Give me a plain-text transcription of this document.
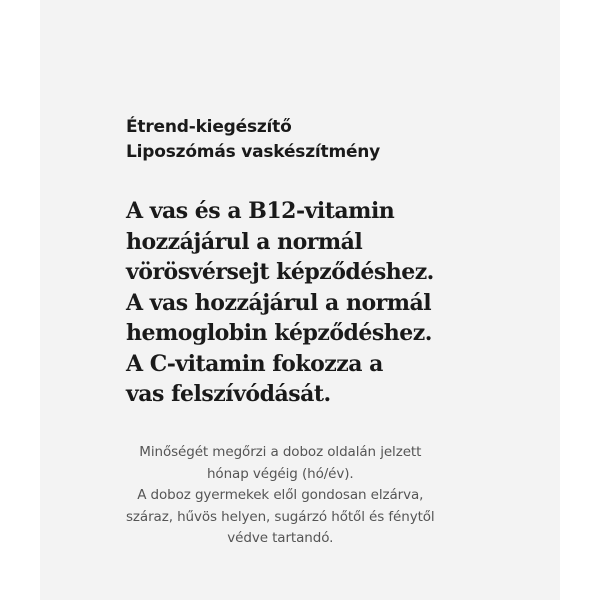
Étrend-kiegészítő
Liposzómás vaskészítmény
A vas és a B12-vitamin
hozzájárul a normál
vörösvérsejt képződéshez.
A vas hozzájárul a normál
hemoglobin képződéshez.
A C-vitamin fokozza a
vas felszívódását.
Minőségét megőrzi a doboz oldalán jelzett
hónap végéig (hó/év).
A doboz gyermekek elől gondosan elzárva,
száraz, hűvös helyen, sugárzó hőtől és fénytől
védve tartandó.
